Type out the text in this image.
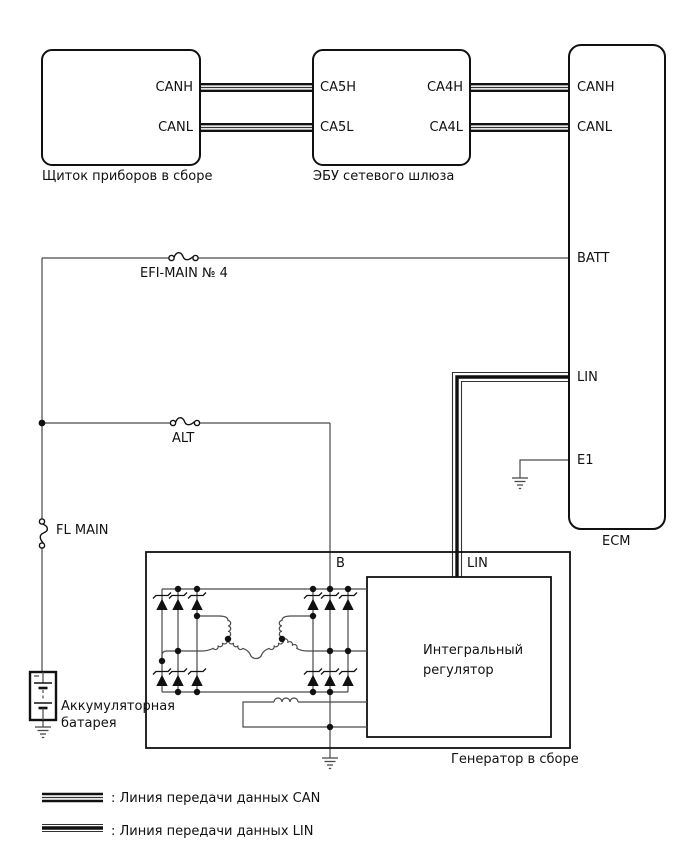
CANH
CANL
Щиток приборов в сборе
CA5H
CA5L
CA4H
CA4L
ЭБУ сетевого шлюза
CANH
CANL
BATT
LIN
E1
ECM
EFI-MAIN № 4
ALT
FL MAIN
Аккумуляторная
батарея
B	LIN
Интегральный
регулятор
Генератор в сборе
: Линия передачи данных CAN
: Линия передачи данных LIN
